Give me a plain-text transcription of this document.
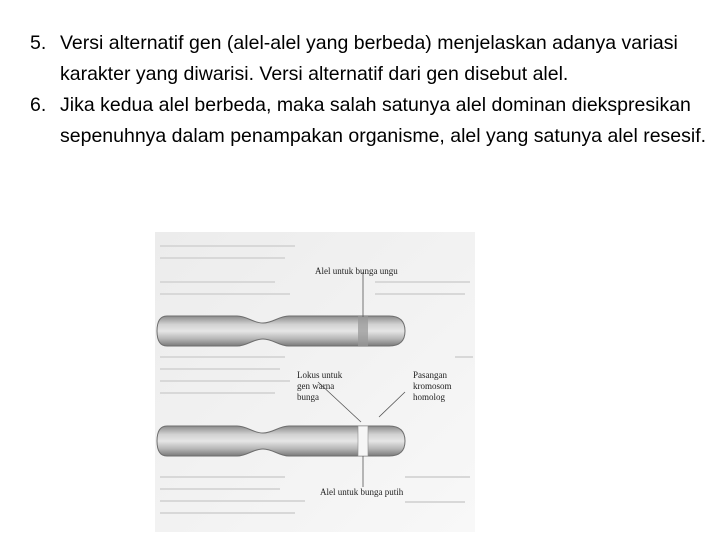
5. Versi alternatif gen (alel-alel yang berbeda) menjelaskan adanya variasi karakter yang diwarisi. Versi alternatif dari gen disebut alel.
6. Jika kedua alel berbeda, maka salah satunya alel dominan diekspresikan sepenuhnya dalam penampakan organisme, alel yang satunya alel resesif.
Alel untuk bunga ungu
Lokus untuk
gen warna
bunga
Pasangan
kromosom
homolog
Alel untuk bunga putih
